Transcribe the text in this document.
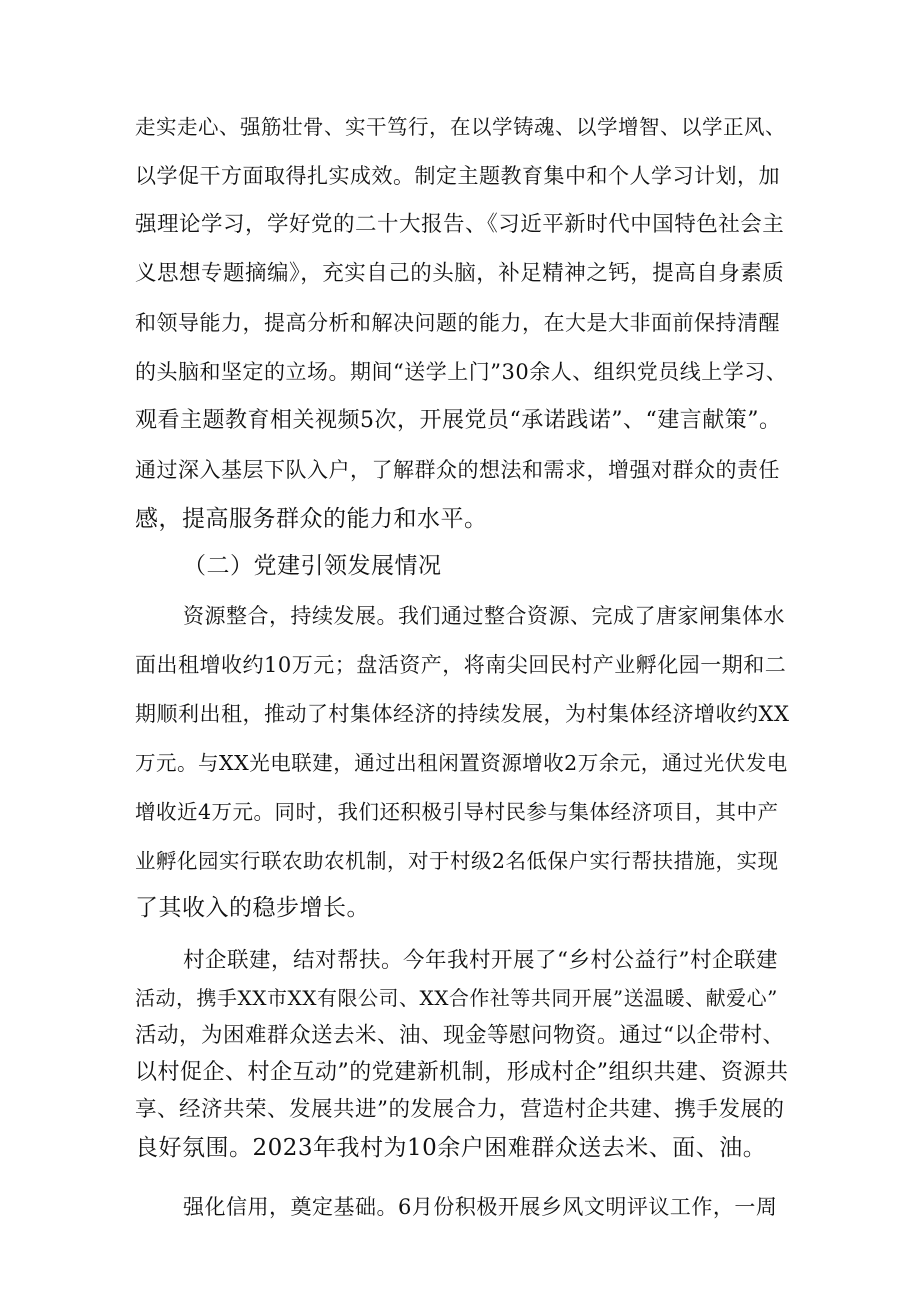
走实走心、强筋壮骨、实干笃行，在以学铸魂、以学增智、以学正风、
以学促干方面取得扎实成效。制定主题教育集中和个人学习计划，加
强理论学习，学好党的二十大报告、《习近平新时代中国特色社会主
义思想专题摘编》，充实自己的头脑，补足精神之钙，提高自身素质
和领导能力，提高分析和解决问题的能力，在大是大非面前保持清醒
的头脑和坚定的立场。期间“送学上门”30余人、组织党员线上学习、
观看主题教育相关视频5次，开展党员“承诺践诺”、“建言献策”。
通过深入基层下队入户，了解群众的想法和需求，增强对群众的责任
感，提高服务群众的能力和水平。
（二）党建引领发展情况
资源整合，持续发展。我们通过整合资源、完成了唐家闸集体水
面出租增收约10万元；盘活资产，将南尖回民村产业孵化园一期和二
期顺利出租，推动了村集体经济的持续发展，为村集体经济增收约XX
万元。与XX光电联建，通过出租闲置资源增收2万余元，通过光伏发电
增收近4万元。同时，我们还积极引导村民参与集体经济项目，其中产
业孵化园实行联农助农机制，对于村级2名低保户实行帮扶措施，实现
了其收入的稳步增长。
村企联建，结对帮扶。今年我村开展了“乡村公益行”村企联建
活动，携手XX市XX有限公司、XX合作社等共同开展”送温暖、献爱心”
活动，为困难群众送去米、油、现金等慰问物资。通过“以企带村、
以村促企、村企互动”的党建新机制，形成村企”组织共建、资源共
享、经济共荣、发展共进”的发展合力，营造村企共建、携手发展的
良好氛围。2023年我村为10余户困难群众送去米、面、油。
强化信用，奠定基础。6月份积极开展乡风文明评议工作，一周
